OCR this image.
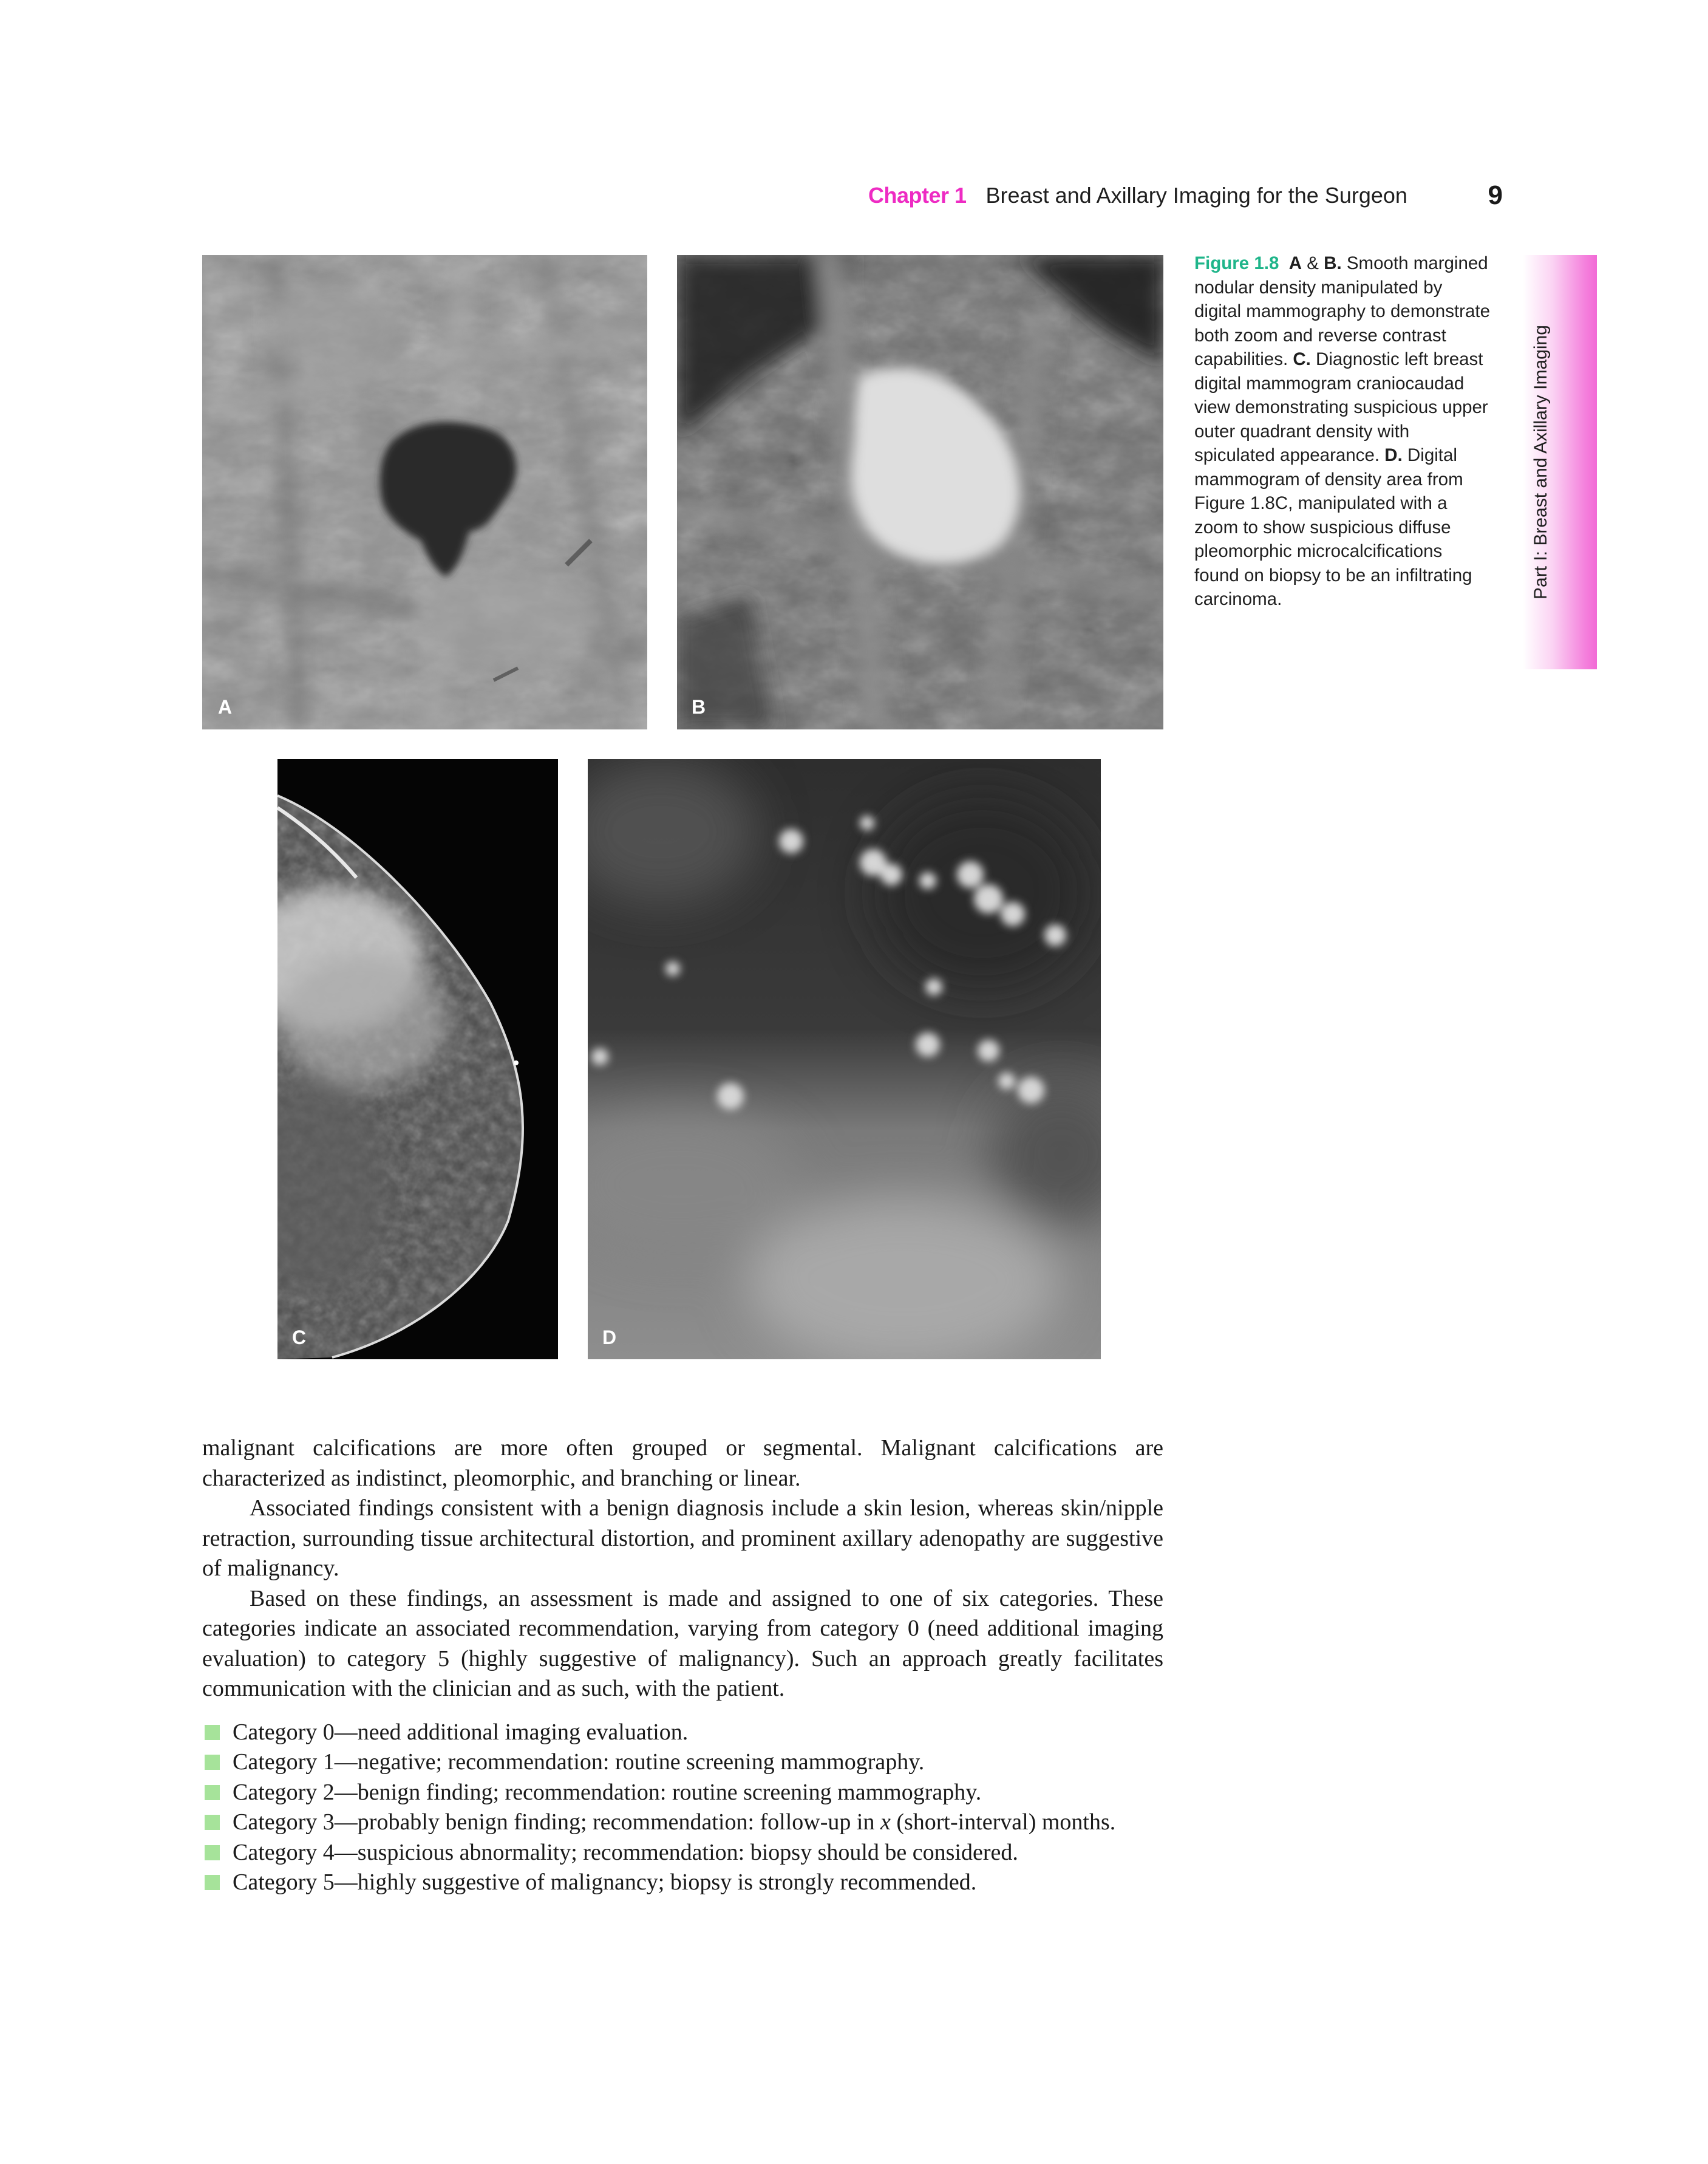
Chapter 1 Breast and Axillary Imaging for the Surgeon	9
Part I: Breast and Axillary Imaging
A	B
C	D

Figure 1.8 A & B. Smooth margined nodular density manipulated by digital mammography to demonstrate both zoom and reverse contrast capabilities. C. Diagnostic left breast digital mammogram craniocaudad view demonstrating suspicious upper outer quadrant density with spiculated appearance. D. Digital mammogram of density area from Figure 1.8C, manipulated with a zoom to show suspicious diffuse pleomorphic microcalcifications found on biopsy to be an infiltrating carcinoma.

malignant calcifications are more often grouped or segmental. Malignant calcifications are characterized as indistinct, pleomorphic, and branching or linear.

Associated findings consistent with a benign diagnosis include a skin lesion, whereas skin/nipple retraction, surrounding tissue architectural distortion, and prominent axillary adenopathy are suggestive of malignancy.

Based on these findings, an assessment is made and assigned to one of six categories. These categories indicate an associated recommendation, varying from category 0 (need additional imaging evaluation) to category 5 (highly suggestive of malignancy). Such an approach greatly facilitates communication with the clinician and as such, with the patient.

Category 0—need additional imaging evaluation.
Category 1—negative; recommendation: routine screening mammography.
Category 2—benign finding; recommendation: routine screening mammography.
Category 3—probably benign finding; recommendation: follow-up in x (short-interval) months.
Category 4—suspicious abnormality; recommendation: biopsy should be considered.
Category 5—highly suggestive of malignancy; biopsy is strongly recommended.
